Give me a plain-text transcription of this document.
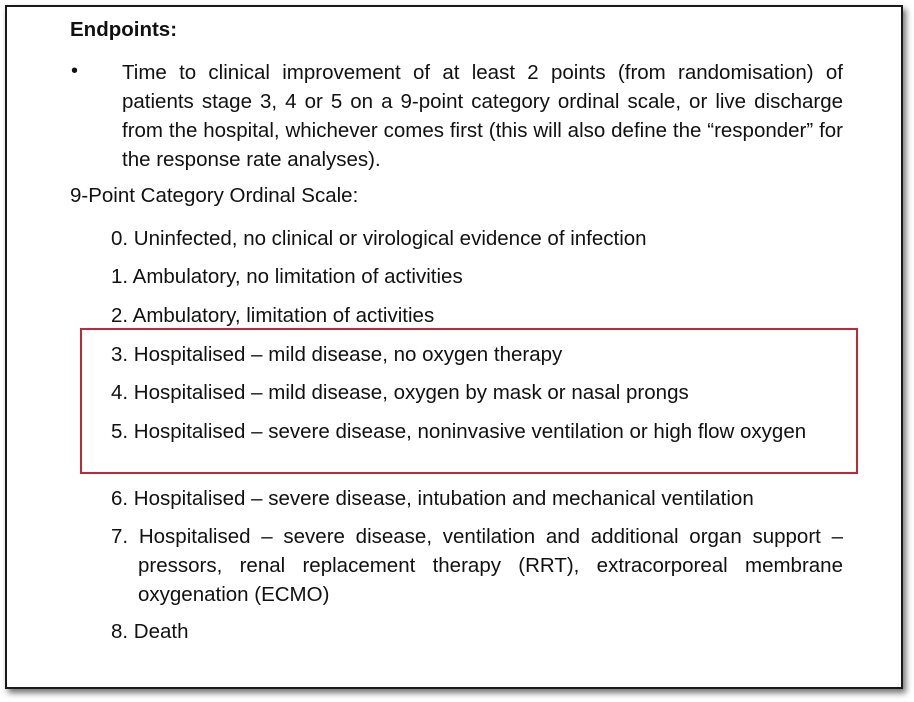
Endpoints:
• Time to clinical improvement of at least 2 points (from randomisation) of patients stage 3, 4 or 5 on a 9-point category ordinal scale, or live discharge from the hospital, whichever comes first (this will also define the “responder” for the response rate analyses).
9-Point Category Ordinal Scale:
0. Uninfected, no clinical or virological evidence of infection
1. Ambulatory, no limitation of activities
2. Ambulatory, limitation of activities
3. Hospitalised – mild disease, no oxygen therapy
4. Hospitalised – mild disease, oxygen by mask or nasal prongs
5. Hospitalised – severe disease, noninvasive ventilation or high flow oxygen
6. Hospitalised – severe disease, intubation and mechanical ventilation
7. Hospitalised – severe disease, ventilation and additional organ support – pressors, renal replacement therapy (RRT), extracorporeal membrane oxygenation (ECMO)
8. Death
